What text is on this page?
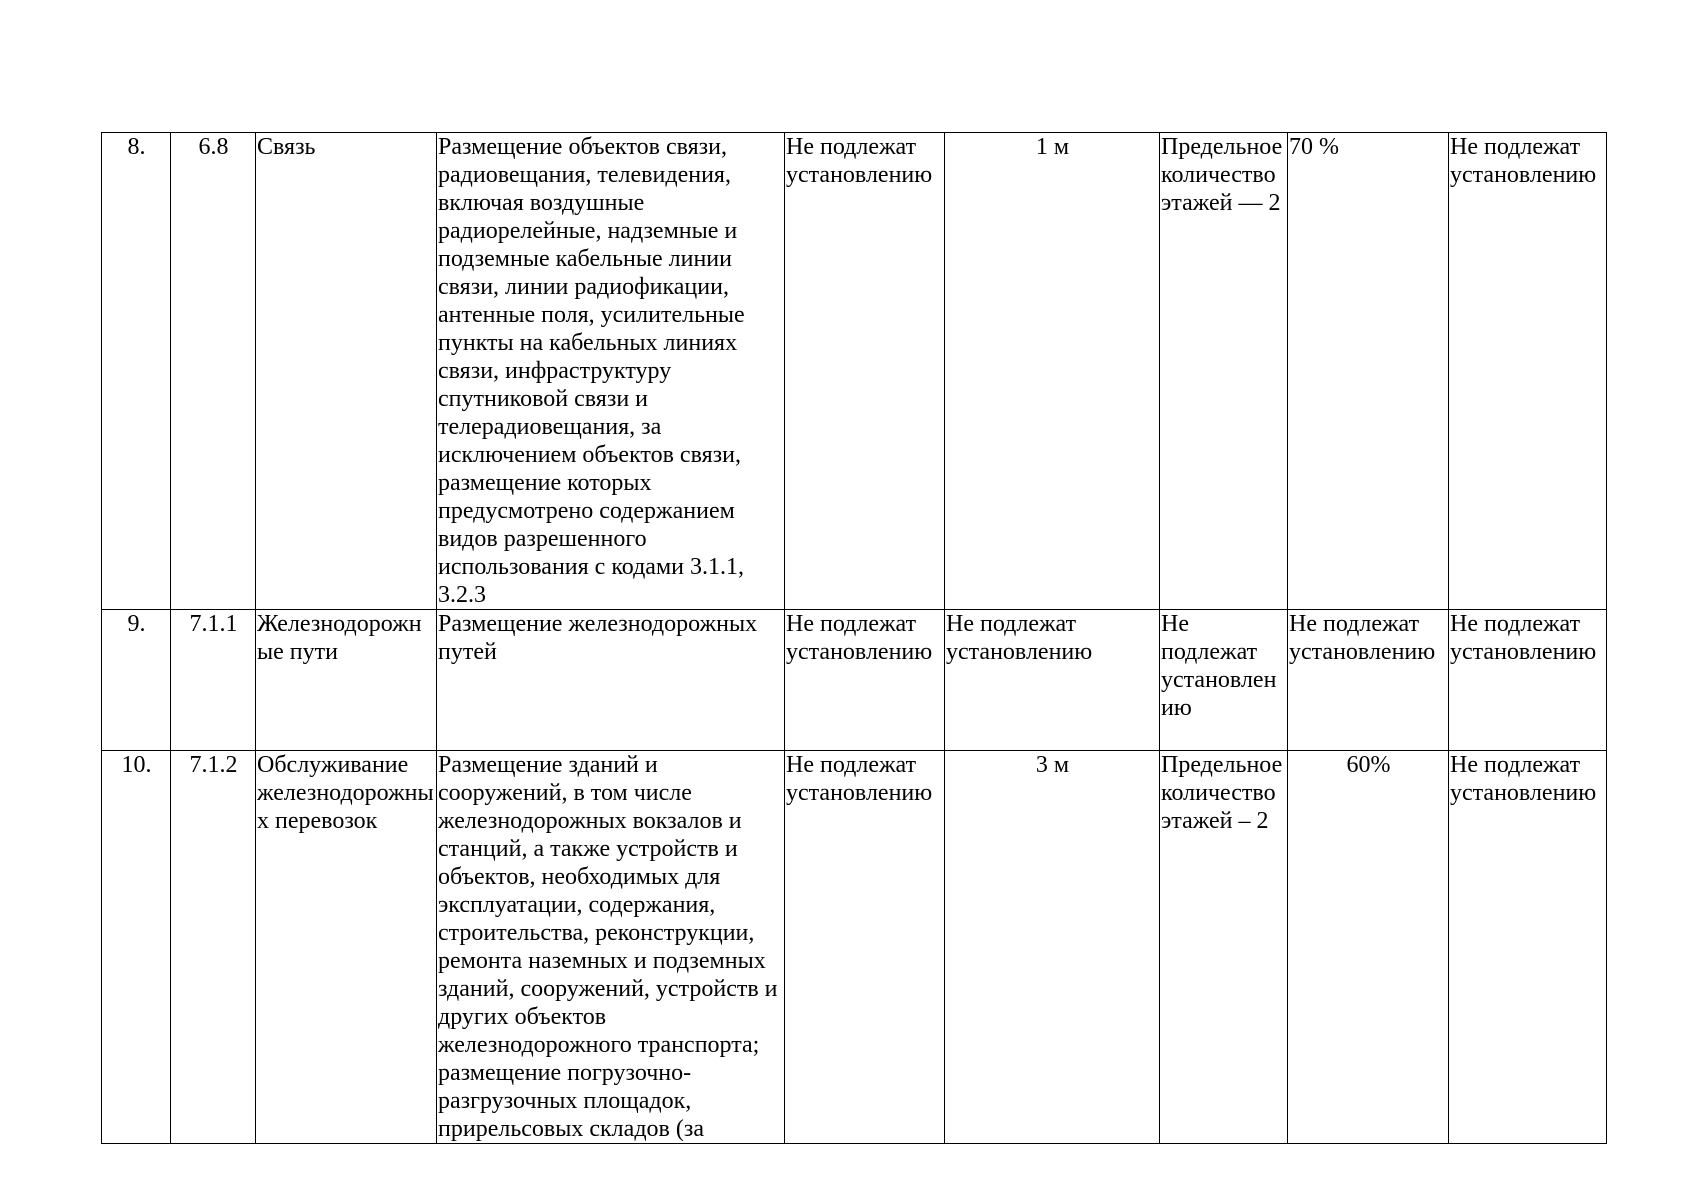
8.	6.8	Связь	Размещение объектов связи, радиовещания, телевидения, включая воздушные радиорелейные, надземные и подземные кабельные линии связи, линии радиофикации, антенные поля, усилительные пункты на кабельных линиях связи, инфраструктуру спутниковой связи и телерадиовещания, за исключением объектов связи, размещение которых предусмотрено содержанием видов разрешенного использования с кодами 3.1.1, 3.2.3	Не подлежат установлению	1 м	Предельное количество этажей — 2	70 %	Не подлежат установлению
9.	7.1.1	Железнодорожные пути	Размещение железнодорожных путей	Не подлежат установлению	Не подлежат установлению	Не подлежат установлению	Не подлежат установлению	Не подлежат установлению
10.	7.1.2	Обслуживание железнодорожных перевозок	Размещение зданий и сооружений, в том числе железнодорожных вокзалов и станций, а также устройств и объектов, необходимых для эксплуатации, содержания, строительства, реконструкции, ремонта наземных и подземных зданий, сооружений, устройств и других объектов железнодорожного транспорта; размещение погрузочно-разгрузочных площадок, прирельсовых складов (за	Не подлежат установлению	3 м	Предельное количество этажей – 2	60%	Не подлежат установлению
